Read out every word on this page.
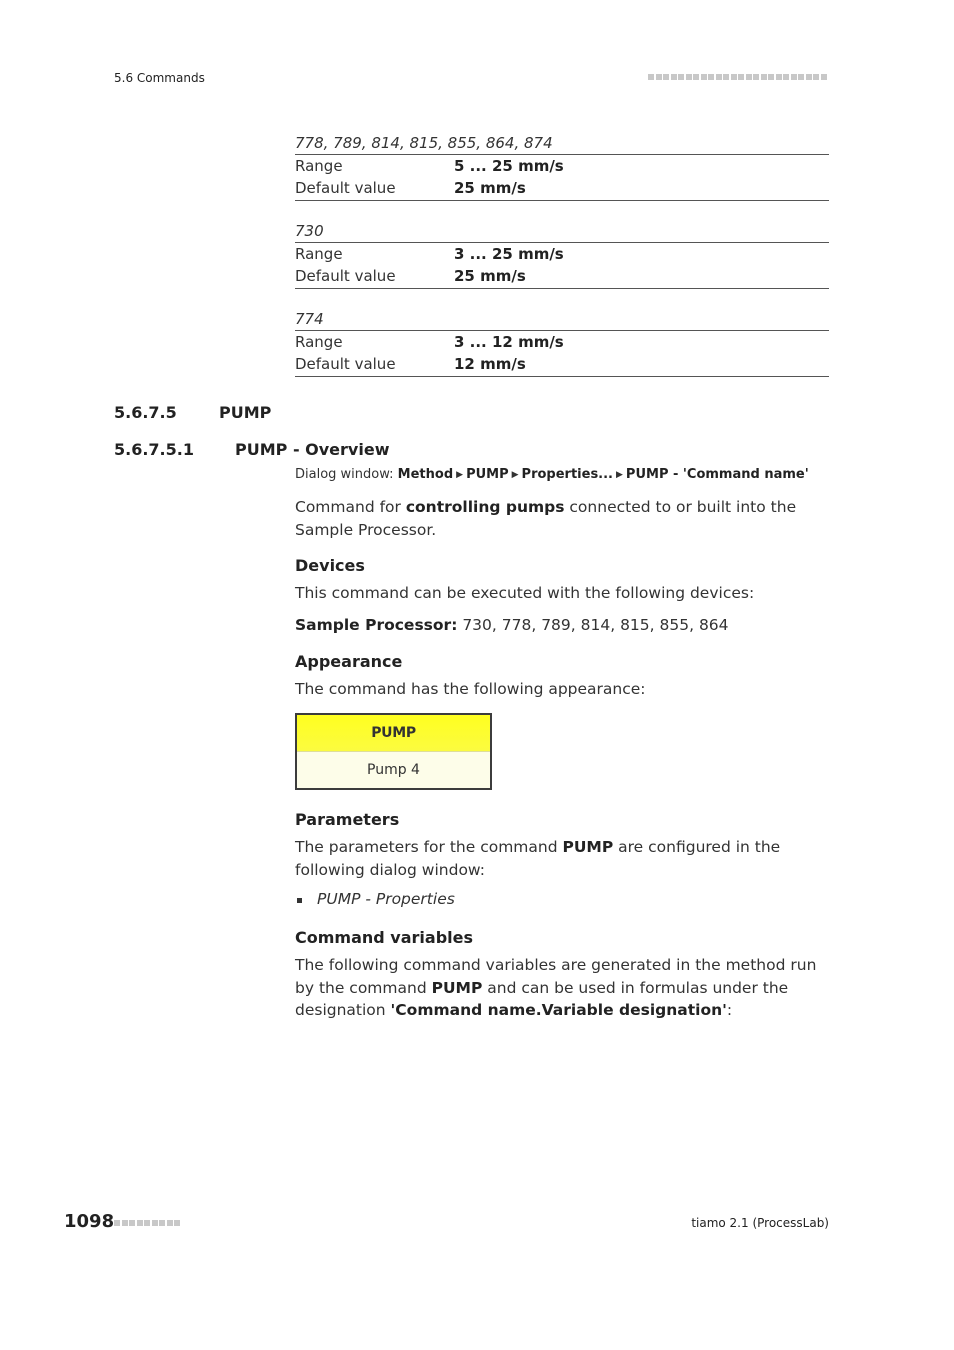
5.6 Commands
778, 789, 814, 815, 855, 864, 874
Range	5 ... 25 mm/s
Default value	25 mm/s
730
Range	3 ... 25 mm/s
Default value	25 mm/s
774
Range	3 ... 12 mm/s
Default value	12 mm/s
5.6.7.5	PUMP
5.6.7.5.1	PUMP - Overview
Dialog window: Method ▶ PUMP ▶ Properties... ▶ PUMP - 'Command name'
Command for controlling pumps connected to or built into the Sample Processor.
Devices
This command can be executed with the following devices:
Sample Processor: 730, 778, 789, 814, 815, 855, 864
Appearance
The command has the following appearance:
PUMP
Pump 4
Parameters
The parameters for the command PUMP are configured in the following dialog window:
PUMP - Properties
Command variables
The following command variables are generated in the method run by the command PUMP and can be used in formulas under the designation 'Command name.Variable designation':
1098	tiamo 2.1 (ProcessLab)
